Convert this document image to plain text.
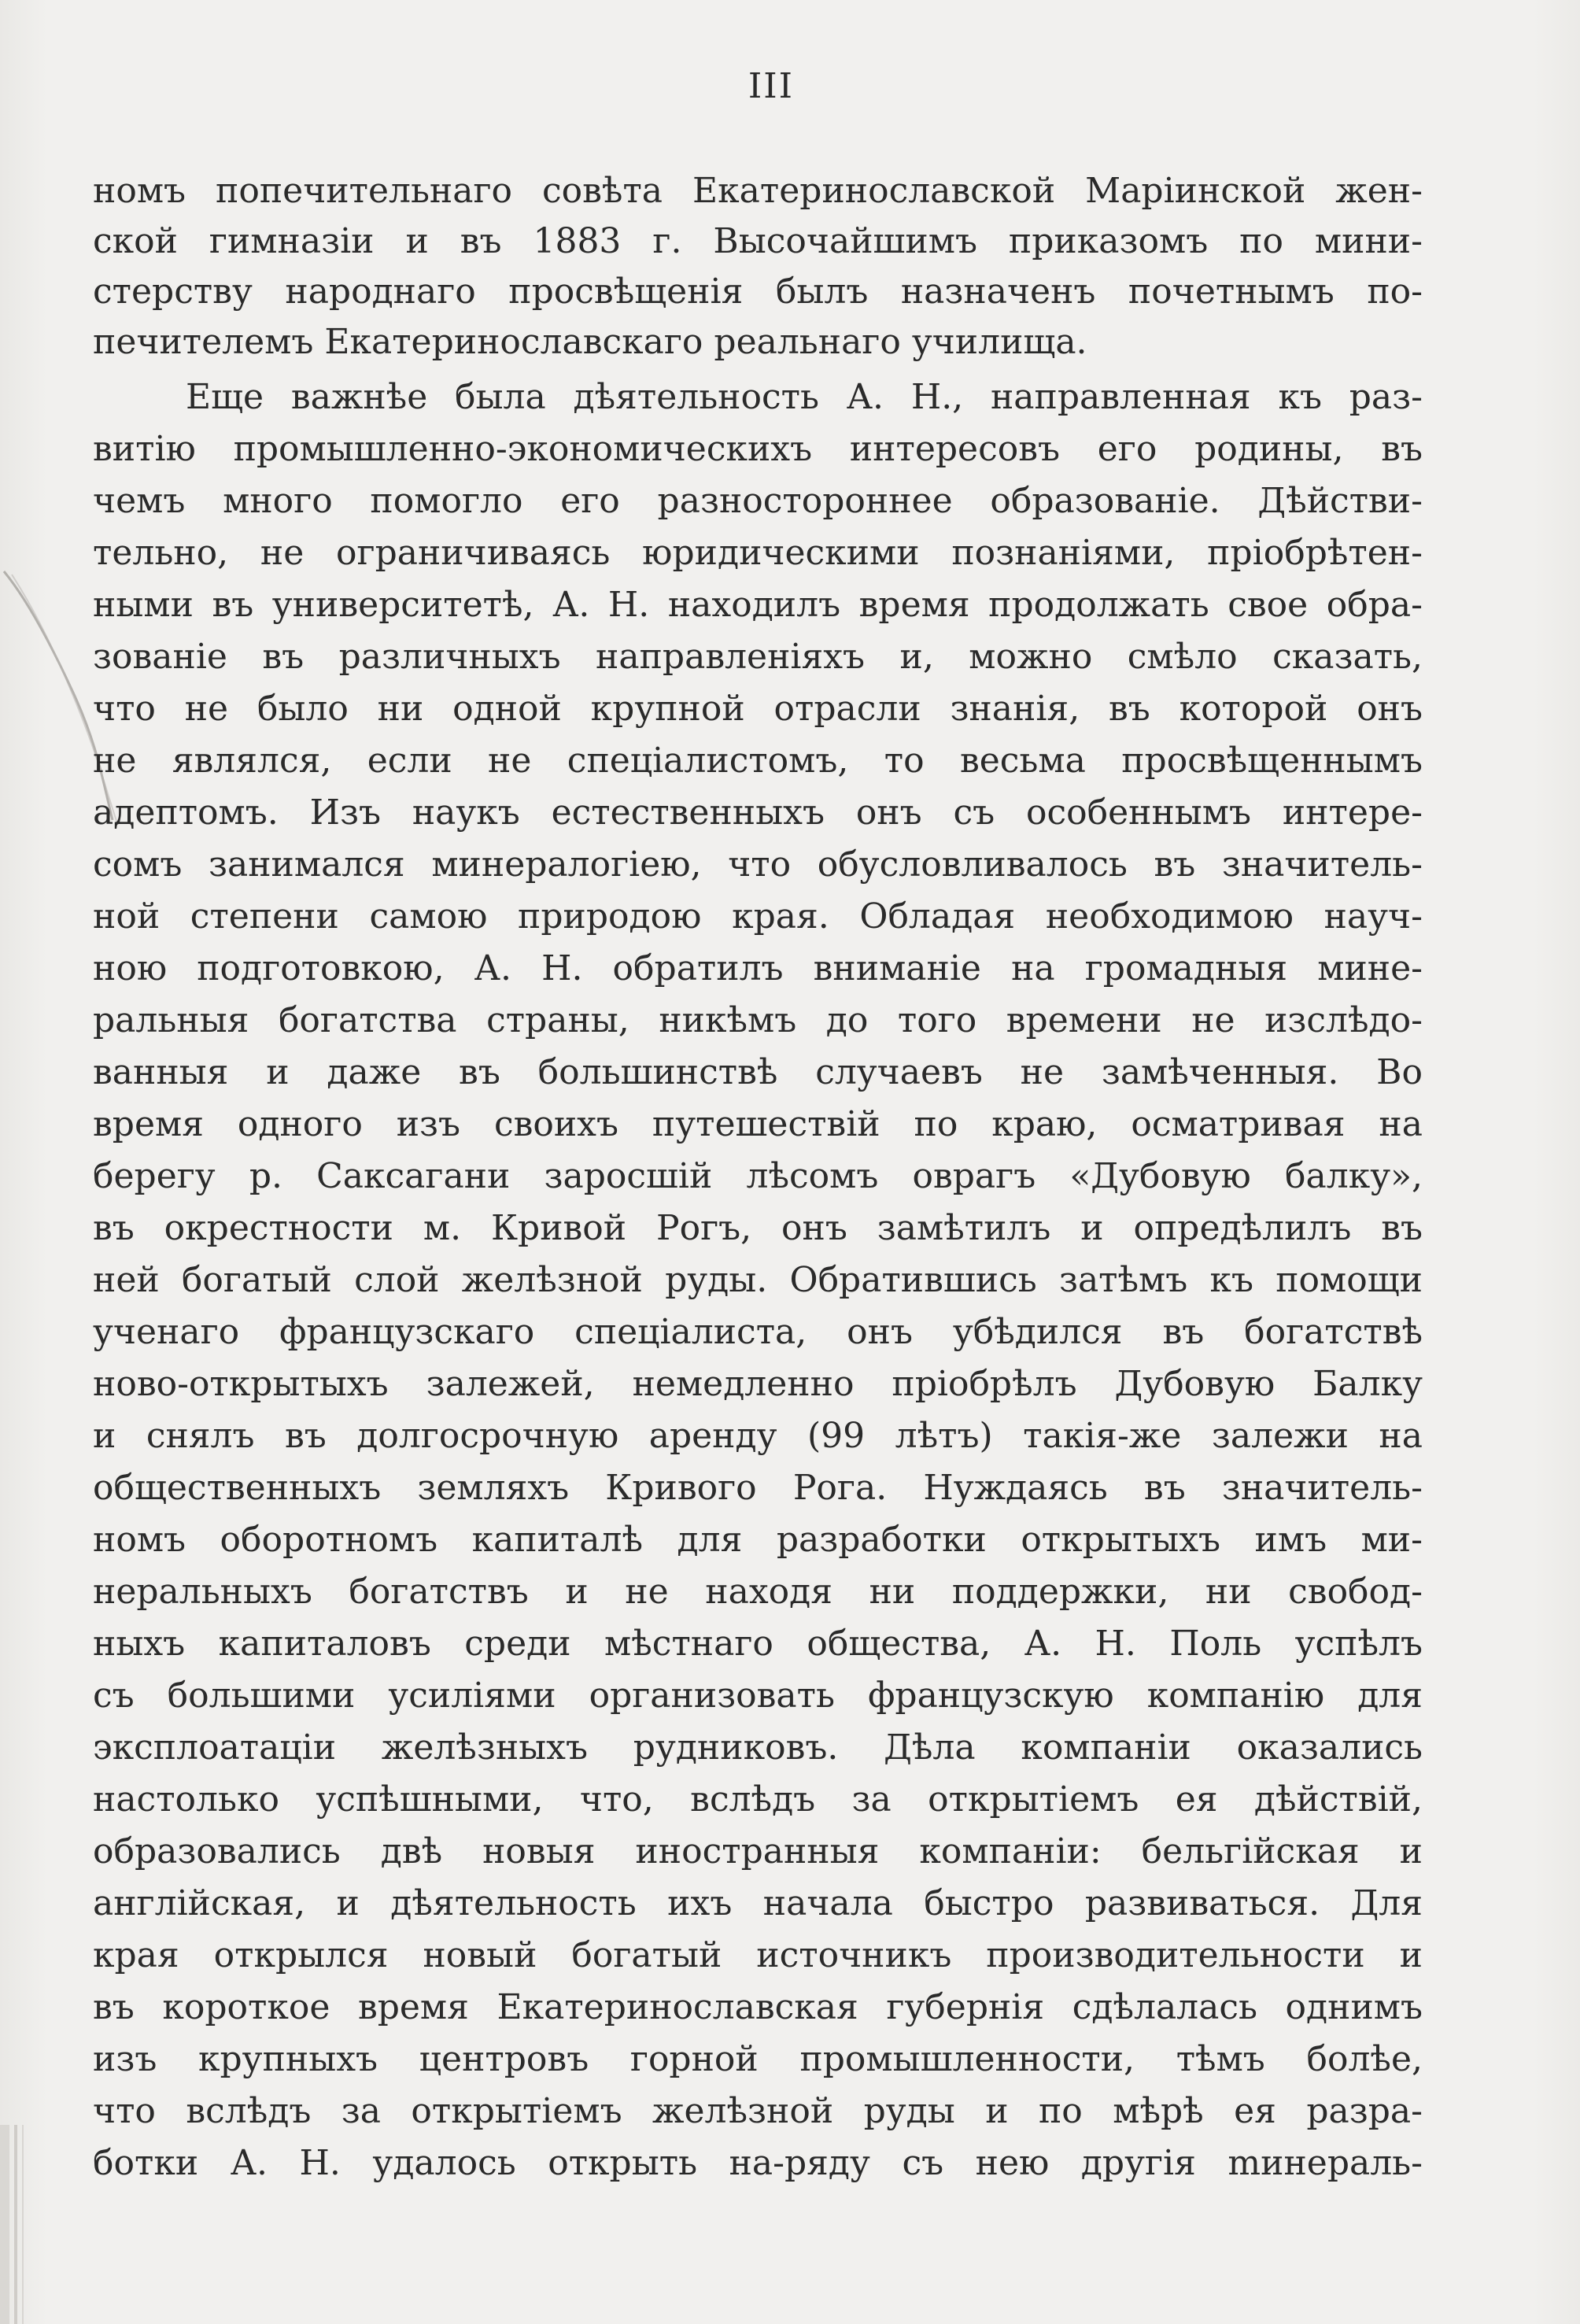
III
номъ попечительнаго совѣта Екатеринославской Маріинской жен-
ской гимназіи и въ 1883 г. Высочайшимъ приказомъ по мини-
стерству народнаго просвѣщенія былъ назначенъ почетнымъ по-
печителемъ Екатеринославскаго реальнаго училища.
Еще важнѣе была дѣятельность А. Н., направленная къ раз-
витію промышленно-экономическихъ интересовъ его родины, въ
чемъ много помогло его разностороннее образованіе. Дѣйстви-
тельно, не ограничиваясь юридическими познаніями, пріобрѣтен-
ными въ университетѣ, А. Н. находилъ время продолжать свое обра-
зованіе въ различныхъ направленіяхъ и, можно смѣло сказать,
что не было ни одной крупной отрасли знанія, въ которой онъ
не являлся, если не спеціалистомъ, то весьма просвѣщеннымъ
адептомъ. Изъ наукъ естественныхъ онъ съ особеннымъ интере-
сомъ занимался минералогіею, что обусловливалось въ значитель-
ной степени самою природою края. Обладая необходимою науч-
ною подготовкою, А. Н. обратилъ вниманіе на громадныя мине-
ральныя богатства страны, никѣмъ до того времени не изслѣдо-
ванныя и даже въ большинствѣ случаевъ не замѣченныя. Во
время одного изъ своихъ путешествій по краю, осматривая на
берегу р. Саксагани заросшій лѣсомъ оврагъ «Дубовую балку»,
въ окрестности м. Кривой Рогъ, онъ замѣтилъ и опредѣлилъ въ
ней богатый слой желѣзной руды. Обратившись затѣмъ къ помощи
ученаго французскаго спеціалиста, онъ убѣдился въ богатствѣ
ново-открытыхъ залежей, немедленно пріобрѣлъ Дубовую Балку
и снялъ въ долгосрочную аренду (99 лѣтъ) такія-же залежи на
общественныхъ земляхъ Кривого Рога. Нуждаясь въ значитель-
номъ оборотномъ капиталѣ для разработки открытыхъ имъ ми-
неральныхъ богатствъ и не находя ни поддержки, ни свобод-
ныхъ капиталовъ среди мѣстнаго общества, А. Н. Поль успѣлъ
съ большими усиліями организовать французскую компанію для
эксплоатаціи желѣзныхъ рудниковъ. Дѣла компаніи оказались
настолько успѣшными, что, вслѣдъ за открытіемъ ея дѣйствій,
образовались двѣ новыя иностранныя компаніи: бельгійская и
англійская, и дѣятельность ихъ начала быстро развиваться. Для
края открылся новый богатый источникъ производительности и
въ короткое время Екатеринославская губернія сдѣлалась однимъ
изъ крупныхъ центровъ горной промышленности, тѣмъ болѣе,
что вслѣдъ за открытіемъ желѣзной руды и по мѣрѣ ея разра-
ботки А. Н. удалось открыть на-ряду съ нею другія mинераль-
